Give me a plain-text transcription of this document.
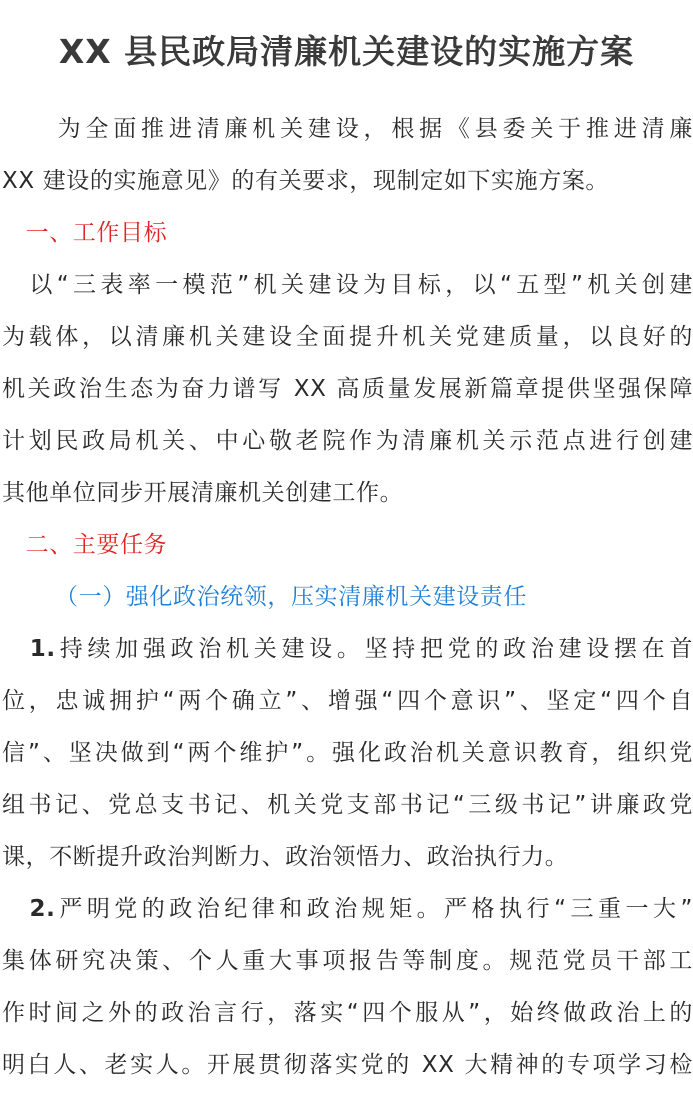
XX 县民政局清廉机关建设的实施方案
　　为全面推进清廉机关建设，根据《县委关于推进清廉
XX 建设的实施意见》的有关要求，现制定如下实施方案。
　一、工作目标
　以“三表率一模范”机关建设为目标，以“五型”机关创建
为载体，以清廉机关建设全面提升机关党建质量，以良好的
机关政治生态为奋力谱写 XX 高质量发展新篇章提供坚强保障
计划民政局机关、中心敬老院作为清廉机关示范点进行创建
其他单位同步开展清廉机关创建工作。
　二、主要任务
（一）强化政治统领，压实清廉机关建设责任
　1.持续加强政治机关建设。坚持把党的政治建设摆在首
位，忠诚拥护“两个确立”、增强“四个意识”、坚定“四个自
信”、坚决做到“两个维护”。强化政治机关意识教育，组织党
组书记、党总支书记、机关党支部书记“三级书记”讲廉政党
课，不断提升政治判断力、政治领悟力、政治执行力。
　2.严明党的政治纪律和政治规矩。严格执行“三重一大”
集体研究决策、个人重大事项报告等制度。规范党员干部工
作时间之外的政治言行，落实“四个服从”，始终做政治上的
明白人、老实人。开展贯彻落实党的 XX 大精神的专项学习检
